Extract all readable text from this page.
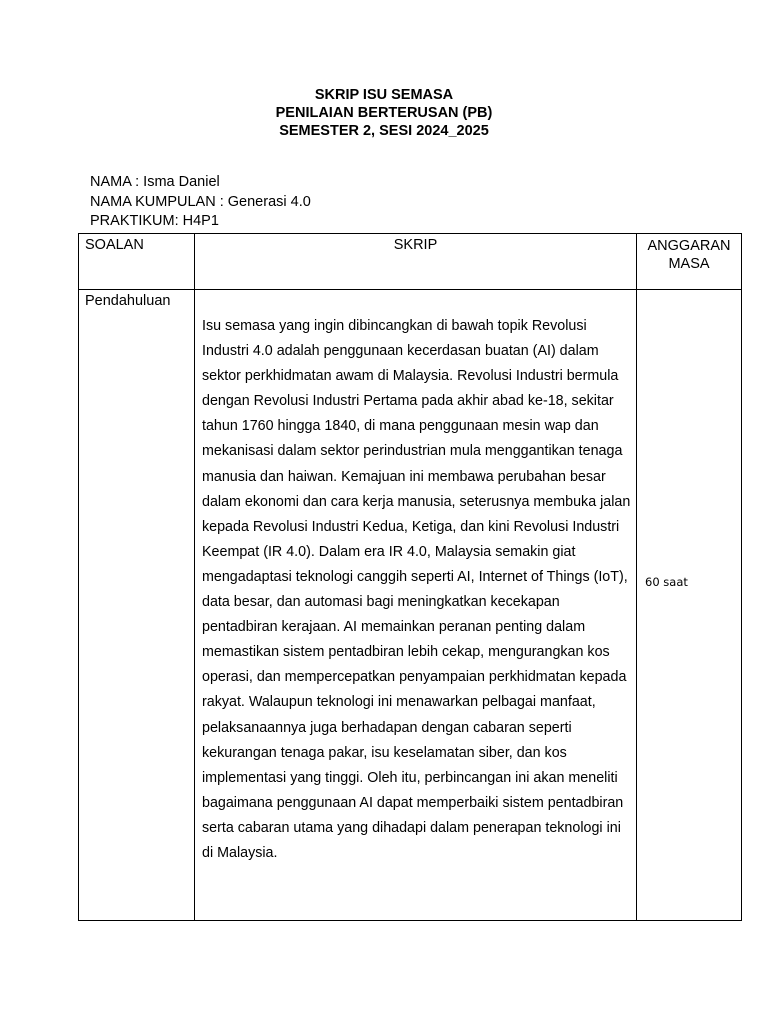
SKRIP ISU SEMASA
PENILAIAN BERTERUSAN (PB)
SEMESTER 2, SESI 2024_2025
NAMA : Isma Daniel
NAMA KUMPULAN : Generasi 4.0
PRAKTIKUM: H4P1
SOALAN	SKRIP	ANGGARAN
MASA

Pendahuluan	Isu semasa yang ingin dibincangkan di bawah topik Revolusi Industri 4.0 adalah penggunaan kecerdasan buatan (AI) dalam sektor perkhidmatan awam di Malaysia. Revolusi Industri bermula dengan Revolusi Industri Pertama pada akhir abad ke-18, sekitar tahun 1760 hingga 1840, di mana penggunaan mesin wap dan mekanisasi dalam sektor perindustrian mula menggantikan tenaga manusia dan haiwan. Kemajuan ini membawa perubahan besar dalam ekonomi dan cara kerja manusia, seterusnya membuka jalan kepada Revolusi Industri Kedua, Ketiga, dan kini Revolusi Industri Keempat (IR 4.0). Dalam era IR 4.0, Malaysia semakin giat mengadaptasi teknologi canggih seperti AI, Internet of Things (IoT), data besar, dan automasi bagi meningkatkan kecekapan pentadbiran kerajaan. AI memainkan peranan penting dalam memastikan sistem pentadbiran lebih cekap, mengurangkan kos operasi, dan mempercepatkan penyampaian perkhidmatan kepada rakyat. Walaupun teknologi ini menawarkan pelbagai manfaat, pelaksanaannya juga berhadapan dengan cabaran seperti kekurangan tenaga pakar, isu keselamatan siber, dan kos implementasi yang tinggi. Oleh itu, perbincangan ini akan meneliti bagaimana penggunaan AI dapat memperbaiki sistem pentadbiran serta cabaran utama yang dihadapi dalam penerapan teknologi ini di Malaysia.	$^{60 saat}$
